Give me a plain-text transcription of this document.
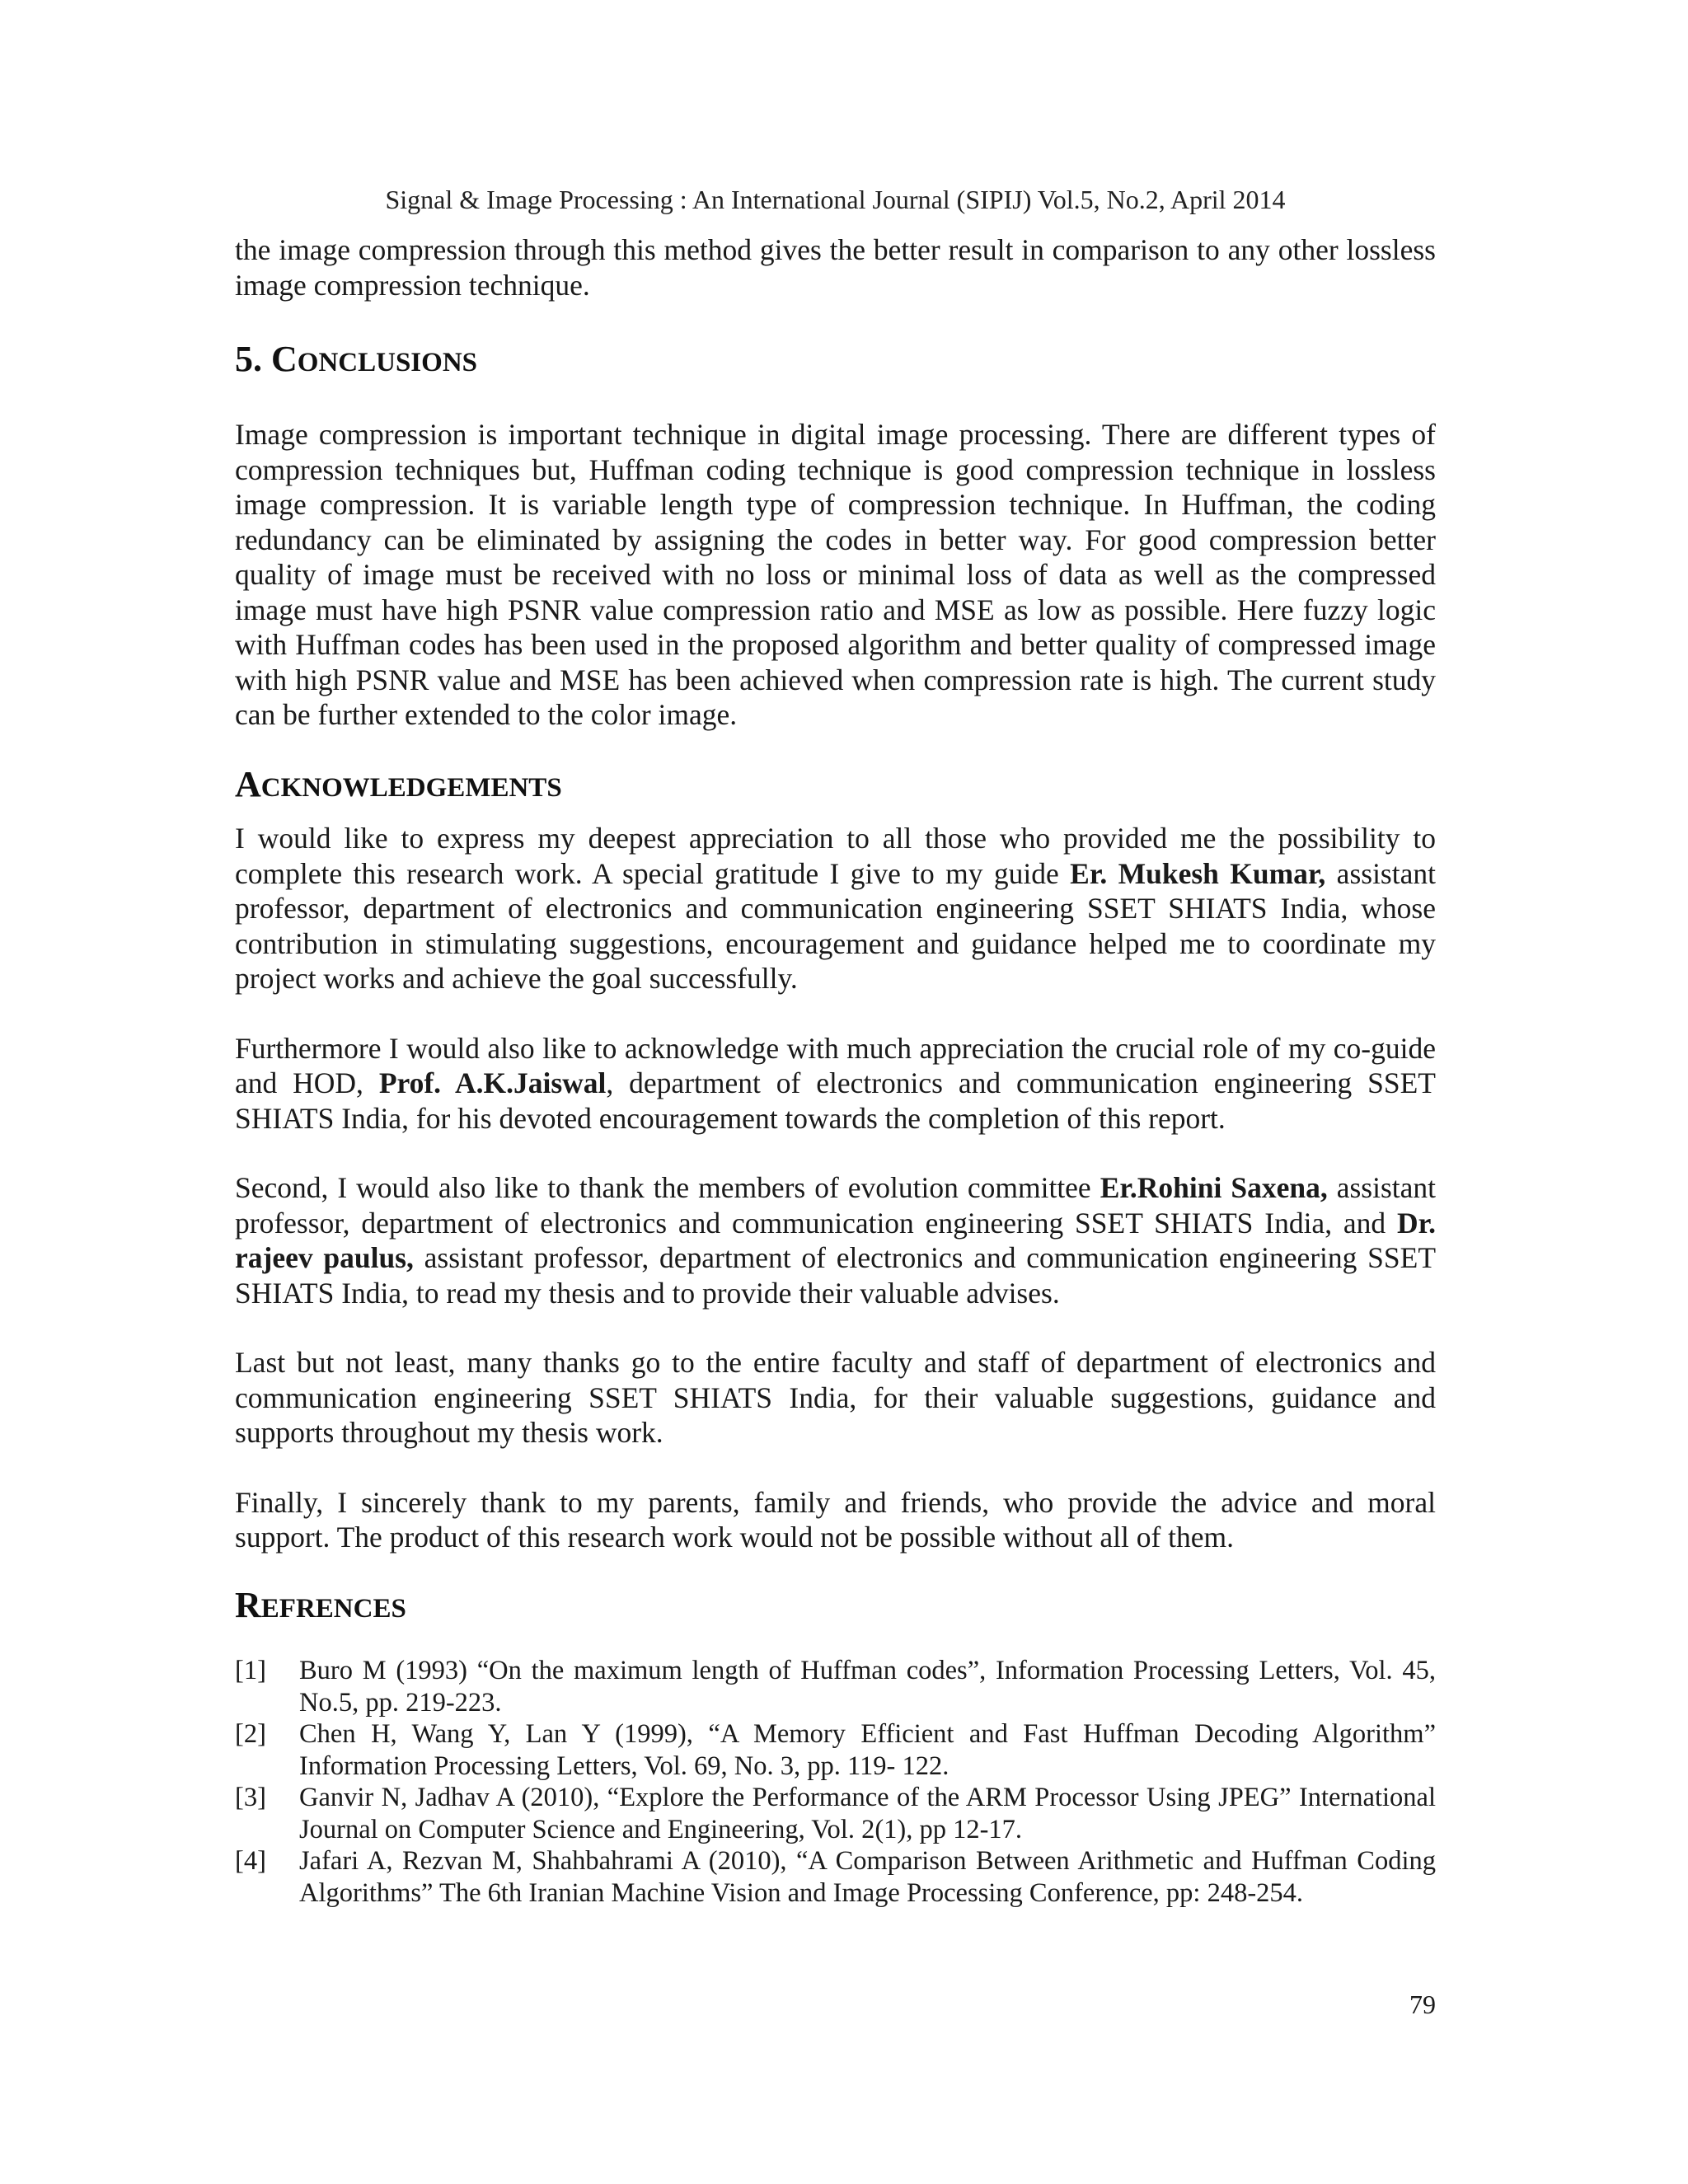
Signal & Image Processing : An International Journal (SIPIJ) Vol.5, No.2, April 2014

the image compression through this method gives the better result in comparison to any other lossless image compression technique.

5. CONCLUSIONS

Image compression is important technique in digital image processing. There are different types of compression techniques but, Huffman coding technique is good compression technique in lossless image compression. It is variable length type of compression technique. In Huffman, the coding redundancy can be eliminated by assigning the codes in better way. For good compression better quality of image must be received with no loss or minimal loss of data as well as the compressed image must have high PSNR value compression ratio and MSE as low as possible. Here fuzzy logic with Huffman codes has been used in the proposed algorithm and better quality of compressed image with high PSNR value and MSE has been achieved when compression rate is high. The current study can be further extended to the color image.

ACKNOWLEDGEMENTS

I would like to express my deepest appreciation to all those who provided me the possibility to complete this research work. A special gratitude I give to my guide Er. Mukesh Kumar, assistant professor, department of electronics and communication engineering SSET SHIATS India, whose contribution in stimulating suggestions, encouragement and guidance helped me to coordinate my project works and achieve the goal successfully.

Furthermore I would also like to acknowledge with much appreciation the crucial role of my co-guide and HOD, Prof. A.K.Jaiswal, department of electronics and communication engineering SSET SHIATS India, for his devoted encouragement towards the completion of this report.

Second, I would also like to thank the members of evolution committee Er.Rohini Saxena, assistant professor, department of electronics and communication engineering SSET SHIATS India, and Dr. rajeev paulus, assistant professor, department of electronics and communication engineering SSET SHIATS India, to read my thesis and to provide their valuable advises.

Last but not least, many thanks go to the entire faculty and staff of department of electronics and communication engineering SSET SHIATS India, for their valuable suggestions, guidance and supports throughout my thesis work.

Finally, I sincerely thank to my parents, family and friends, who provide the advice and moral support. The product of this research work would not be possible without all of them.

REFRENCES
[1] Buro M (1993) “On the maximum length of Huffman codes”, Information Processing Letters, Vol. 45, No.5, pp. 219-223.
[2] Chen H, Wang Y, Lan Y (1999), “A Memory Efficient and Fast Huffman Decoding Algorithm” Information Processing Letters, Vol. 69, No. 3, pp. 119- 122.
[3] Ganvir N, Jadhav A (2010), “Explore the Performance of the ARM Processor Using JPEG” International Journal on Computer Science and Engineering, Vol. 2(1), pp 12-17.
[4] Jafari A, Rezvan M, Shahbahrami A (2010), “A Comparison Between Arithmetic and Huffman Coding Algorithms” The 6th Iranian Machine Vision and Image Processing Conference, pp: 248-254.
79
